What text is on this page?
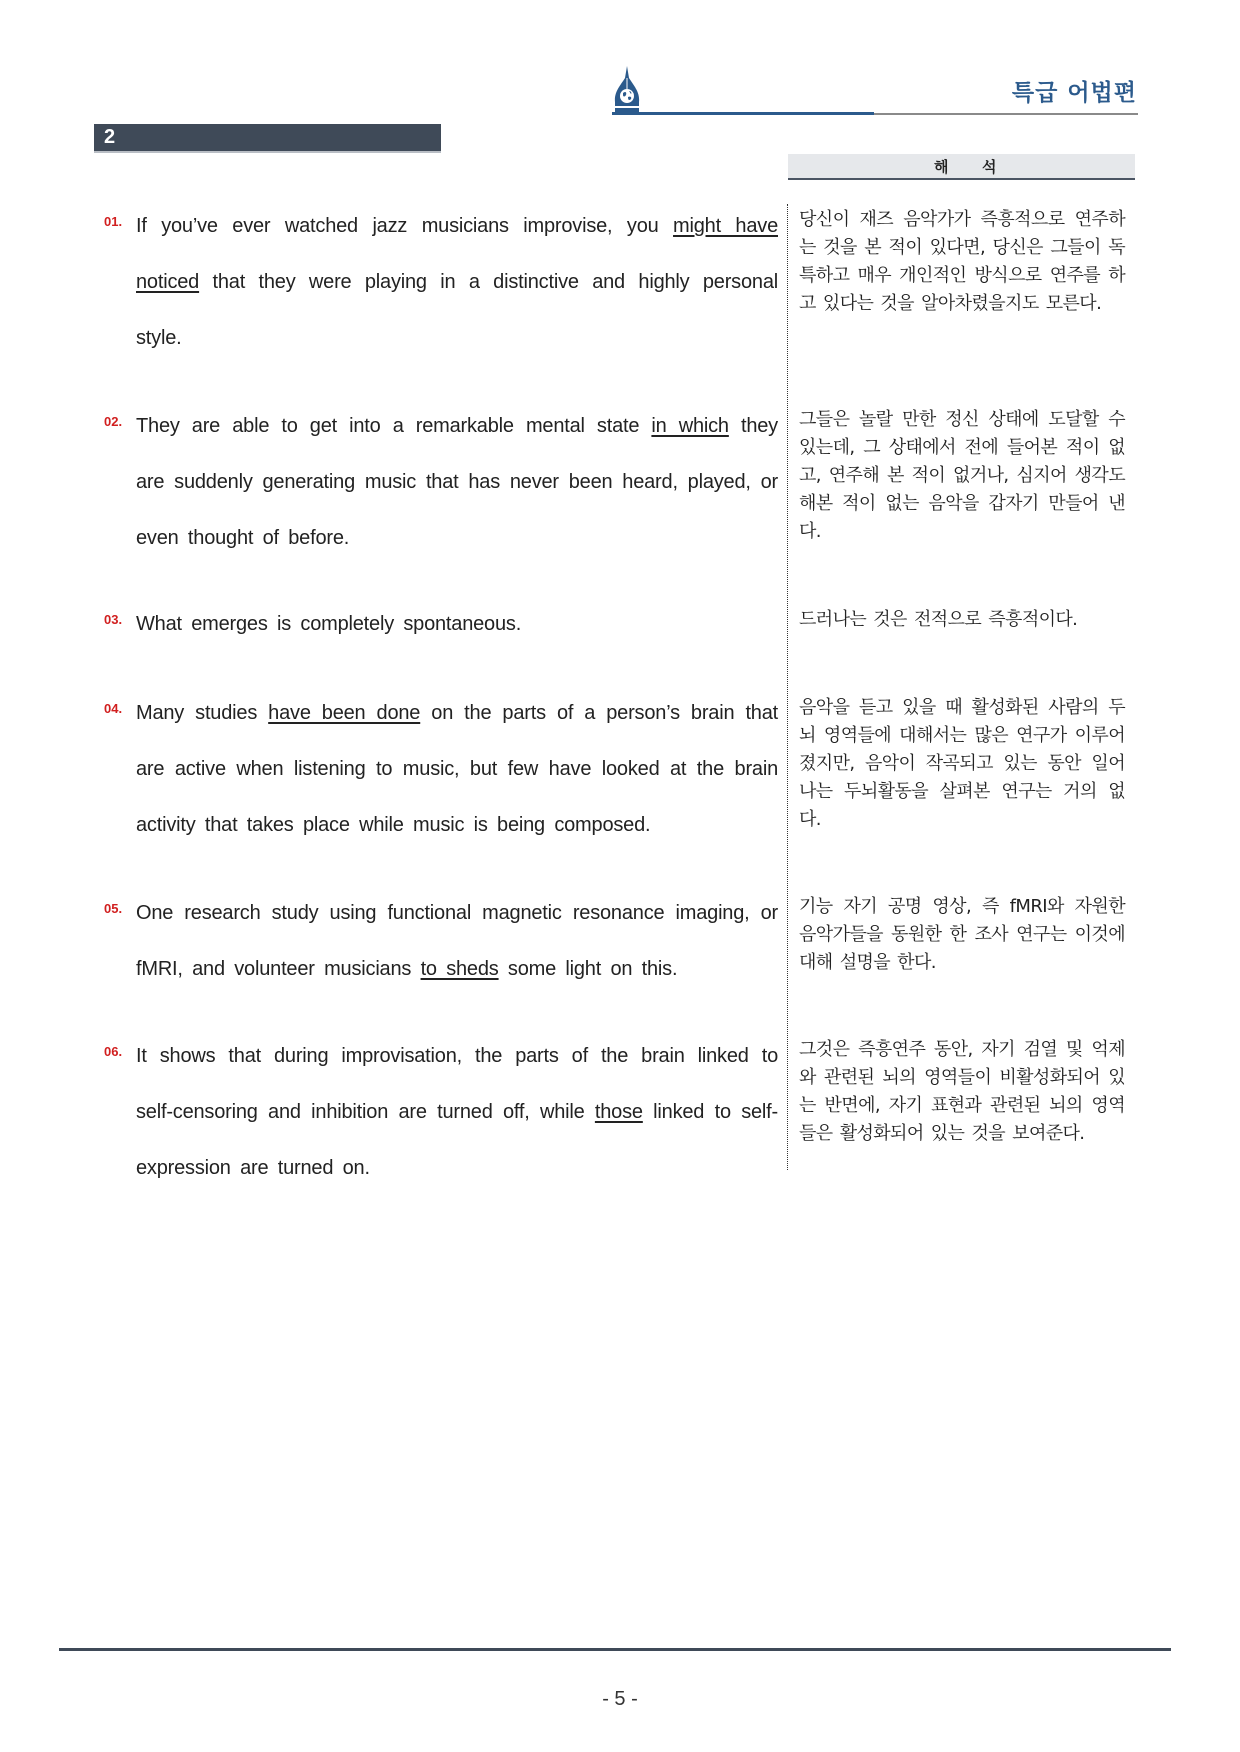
특급 어법편
2
해 석
01. If you’ve ever watched jazz musicians improvise, you might have noticed that they were playing in a distinctive and highly personal style.
당신이 재즈 음악가가 즉흥적으로 연주하는 것을 본 적이 있다면, 당신은 그들이 독특하고 매우 개인적인 방식으로 연주를 하고 있다는 것을 알아차렸을지도 모른다.
02. They are able to get into a remarkable mental state in which they are suddenly generating music that has never been heard, played, or even thought of before.
그들은 놀랄 만한 정신 상태에 도달할 수 있는데, 그 상태에서 전에 들어본 적이 없고, 연주해 본 적이 없거나, 심지어 생각도 해본 적이 없는 음악을 갑자기 만들어 낸다.
03. What emerges is completely spontaneous.	드러나는 것은 전적으로 즉흥적이다.
04. Many studies have been done on the parts of a person’s brain that are active when listening to music, but few have looked at the brain activity that takes place while music is being composed.
음악을 듣고 있을 때 활성화된 사람의 두뇌 영역들에 대해서는 많은 연구가 이루어졌지만, 음악이 작곡되고 있는 동안 일어나는 두뇌활동을 살펴본 연구는 거의 없다.
05. One research study using functional magnetic resonance imaging, or fMRI, and volunteer musicians to sheds some light on this.
기능 자기 공명 영상, 즉 fMRI와 자원한 음악가들을 동원한 한 조사 연구는 이것에 대해 설명을 한다.
06. It shows that during improvisation, the parts of the brain linked to self-censoring and inhibition are turned off, while those linked to self-expression are turned on.
그것은 즉흥연주 동안, 자기 검열 및 억제와 관련된 뇌의 영역들이 비활성화되어 있는 반면에, 자기 표현과 관련된 뇌의 영역들은 활성화되어 있는 것을 보여준다.
- 5 -
